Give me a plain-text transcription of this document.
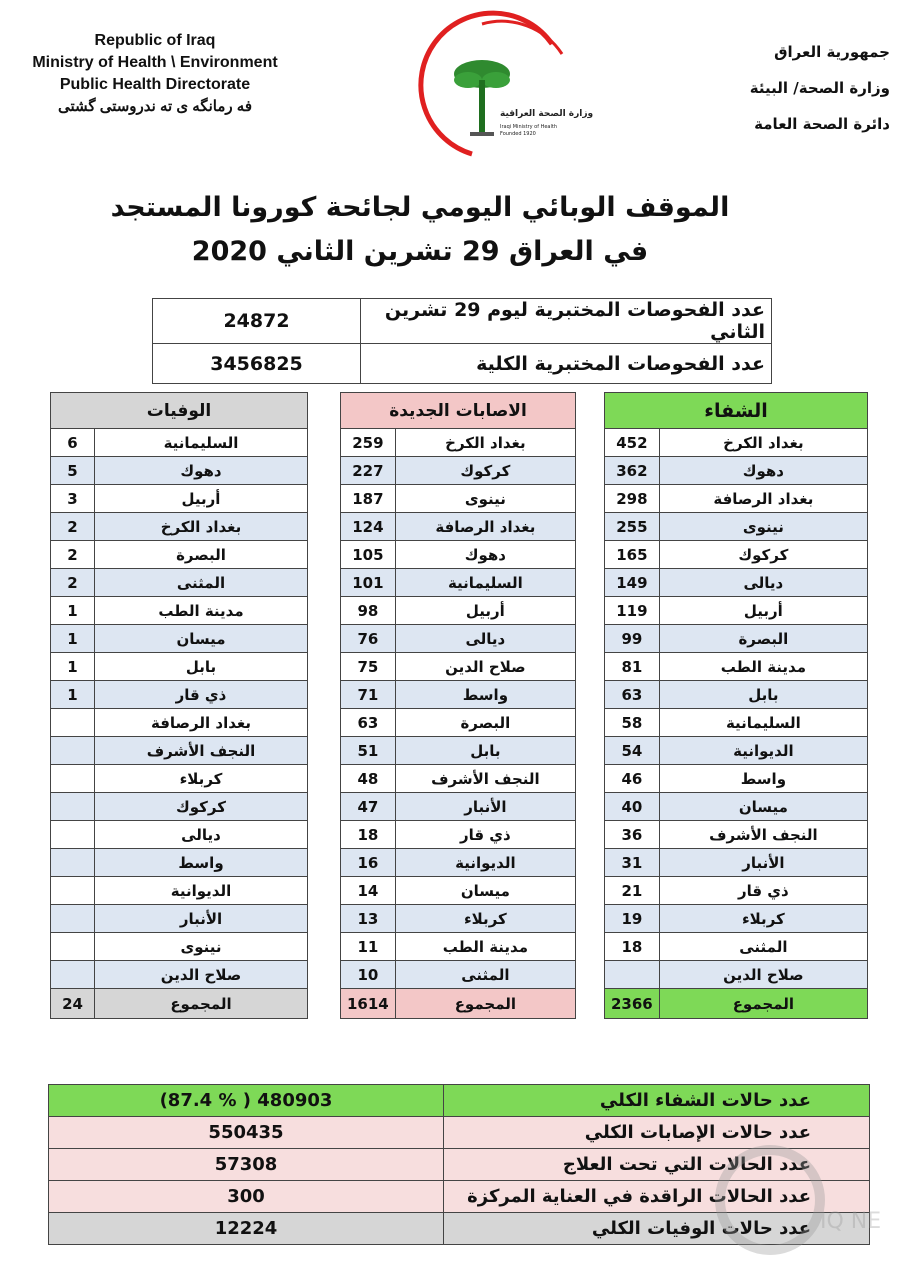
Republic of Iraq
Ministry of Health \ Environment
Public Health Directorate
فه رمانگه ی ته ندروستی گشتی	وزارة الصحة العراقية
Iraqi Ministry of Health
Founded 1920
جمهورية العراق
وزارة الصحة/ البيئة
دائرة الصحة العامة
الموقف الوبائي اليومي لجائحة كورونا المستجد
في العراق 29 تشرين الثاني 2020
24872	عدد الفحوصات المختبرية ليوم 29 تشرين الثاني
3456825	عدد الفحوصات المختبرية الكلية
الشفاء	
452	بغداد الكرخ
362	دهوك
298	بغداد الرصافة
255	نينوى
165	كركوك
149	ديالى
119	أربيل
99	البصرة
81	مدينة الطب
63	بابل
58	السليمانية
54	الديوانية
46	واسط
40	ميسان
36	النجف الأشرف
31	الأنبار
21	ذي قار
19	كربلاء
18	المثنى
	صلاح الدين
2366	المجموع
الاصابات الجديدة	
259	بغداد الكرخ
227	كركوك
187	نينوى
124	بغداد الرصافة
105	دهوك
101	السليمانية
98	أربيل
76	ديالى
75	صلاح الدين
71	واسط
63	البصرة
51	بابل
48	النجف الأشرف
47	الأنبار
18	ذي قار
16	الديوانية
14	ميسان
13	كربلاء
11	مدينة الطب
10	المثنى
1614	المجموع
الوفيات	
6	السليمانية
5	دهوك
3	أربيل
2	بغداد الكرخ
2	البصرة
2	المثنى
1	مدينة الطب
1	ميسان
1	بابل
1	ذي قار
	بغداد الرصافة
	النجف الأشرف
	كربلاء
	كركوك
	ديالى
	واسط
	الديوانية
	الأنبار
	نينوى
	صلاح الدين
24	المجموع
480903 ( % 87.4)	عدد حالات الشفاء الكلي
550435	عدد حالات الإصابات الكلي
57308	عدد الحالات التي تحت العلاج
300	عدد الحالات الراقدة في العناية المركزة
12224	عدد حالات الوفيات الكلي IQ NE
